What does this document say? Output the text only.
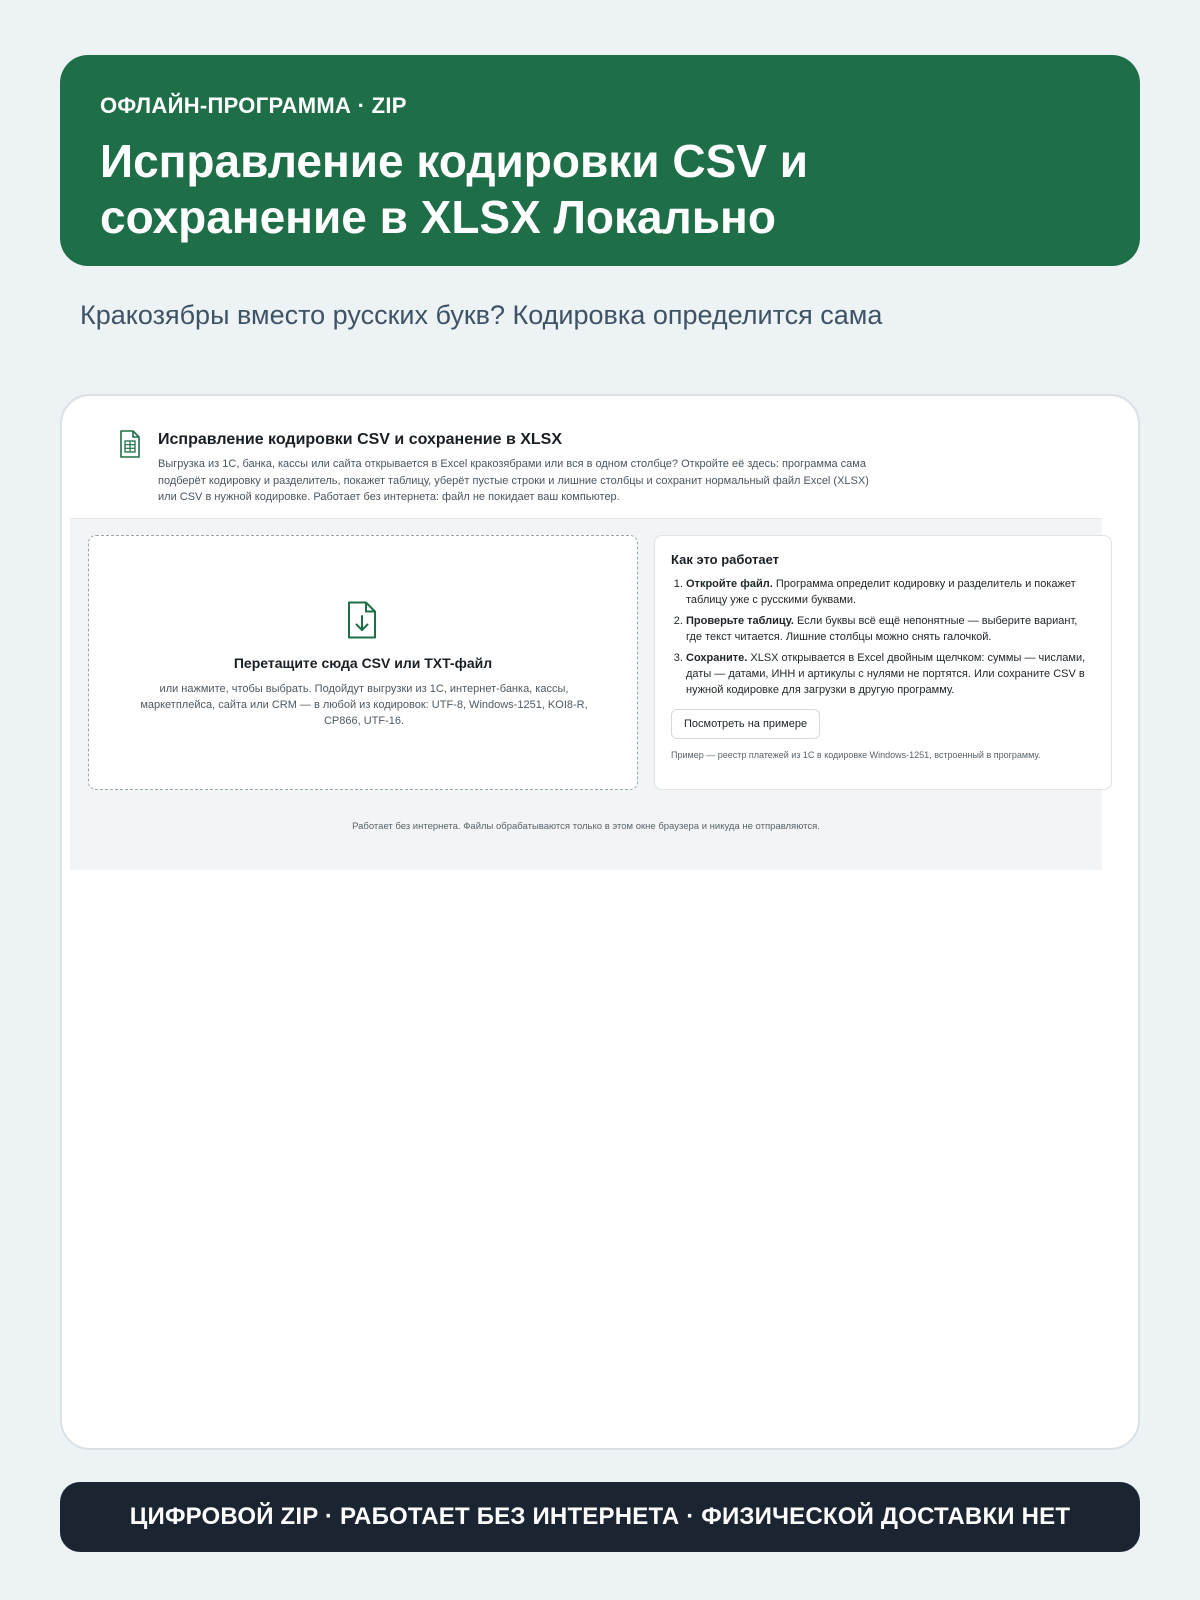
ОФЛАЙН-ПРОГРАММА · ZIP
Исправление кодировки CSV и сохранение в XLSX Локально
Кракозябры вместо русских букв? Кодировка определится сама
Исправление кодировки CSV и сохранение в XLSX
Выгрузка из 1С, банка, кассы или сайта открывается в Excel кракозябрами или вся в одном столбце? Откройте её здесь: программа сама подберёт кодировку и разделитель, покажет таблицу, уберёт пустые строки и лишние столбцы и сохранит нормальный файл Excel (XLSX) или CSV в нужной кодировке. Работает без интернета: файл не покидает ваш компьютер.
Перетащите сюда CSV или TXT-файл
или нажмите, чтобы выбрать. Подойдут выгрузки из 1С, интернет-банка, кассы, маркетплейса, сайта или CRM — в любой из кодировок: UTF-8, Windows-1251, KOI8-R, CP866, UTF-16.
Как это работает
1. Откройте файл. Программа определит кодировку и разделитель и покажет таблицу уже с русскими буквами.
2. Проверьте таблицу. Если буквы всё ещё непонятные — выберите вариант, где текст читается. Лишние столбцы можно снять галочкой.
3. Сохраните. XLSX открывается в Excel двойным щелчком: суммы — числами, даты — датами, ИНН и артикулы с нулями не портятся. Или сохраните CSV в нужной кодировке для загрузки в другую программу.
Посмотреть на примере
Пример — реестр платежей из 1С в кодировке Windows-1251, встроенный в программу.
Работает без интернета. Файлы обрабатываются только в этом окне браузера и никуда не отправляются.
ЦИФРОВОЙ ZIP · РАБОТАЕТ БЕЗ ИНТЕРНЕТА · ФИЗИЧЕСКОЙ ДОСТАВКИ НЕТ
